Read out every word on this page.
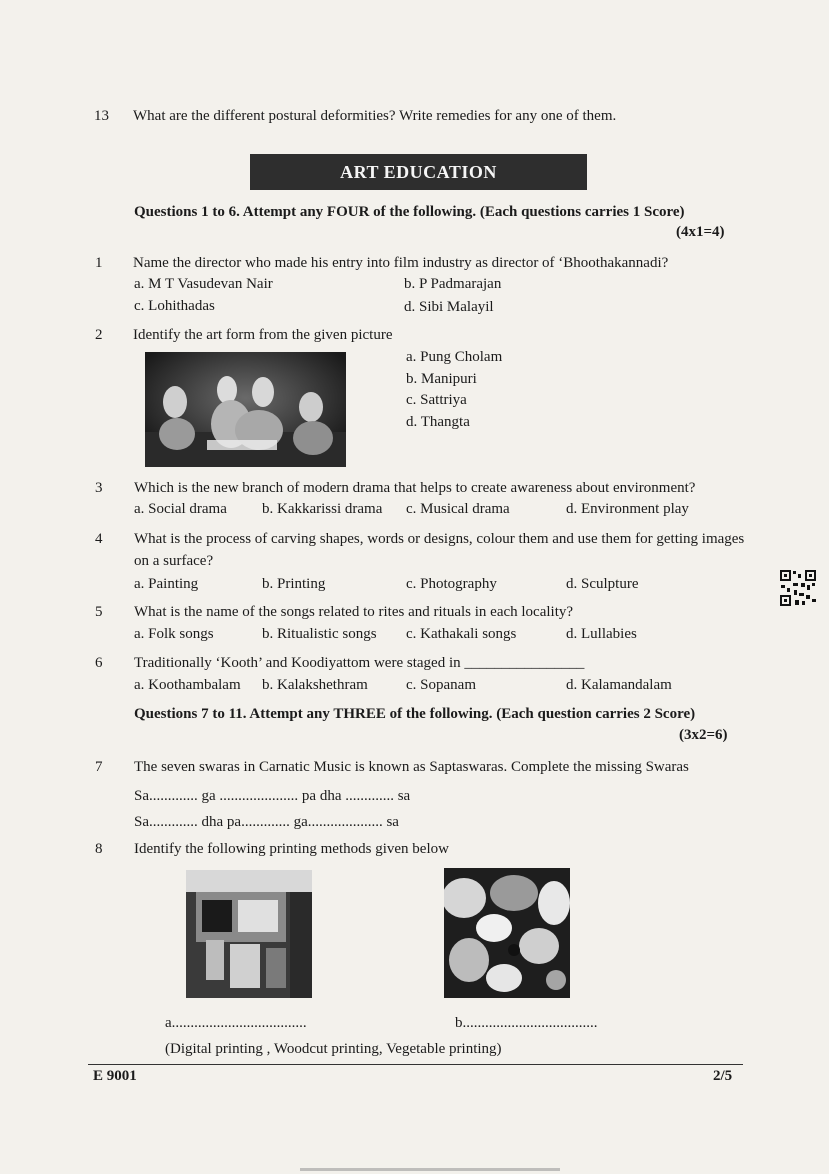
13 What are the different postural deformities? Write remedies for any one of them.
ART EDUCATION
Questions 1 to 6. Attempt any FOUR of the following. (Each questions carries 1 Score)
(4x1=4)
1 Name the director who made his entry into film industry as director of ‘Bhoothakannadi?
a. M T Vasudevan Nair	b. P Padmarajan
c. Lohithadas	d. Sibi Malayil
2 Identify the art form from the given picture
a. Pung Cholam
b. Manipuri
c. Sattriya
d. Thangta
3 Which is the new branch of modern drama that helps to create awareness about environment?
a. Social drama b. Kakkarissi drama c. Musical drama	d. Environment play
4 What is the process of carving shapes, words or designs, colour them and use them for getting images
on a surface?
a. Painting	b. Printing	c. Photography	d. Sculpture
5 What is the name of the songs related to rites and rituals in each locality?
a. Folk songs	b. Ritualistic songs c. Kathakali songs	d. Lullabies
6 Traditionally ‘Kooth’ and Koodiyattom were staged in ________________
a. Koothambalam b. Kalakshethram	c. Sopanam	d. Kalamandalam
Questions 7 to 11. Attempt any THREE of the following. (Each question carries 2 Score)
(3x2=6)
7 The seven swaras in Carnatic Music is known as Saptaswaras. Complete the missing Swaras
Sa............. ga ..................... pa dha ............. sa
Sa............. dha pa............. ga.................... sa
8 Identify the following printing methods given below
a....................................	b....................................
(Digital printing , Woodcut printing, Vegetable printing)
E 9001	2/5
